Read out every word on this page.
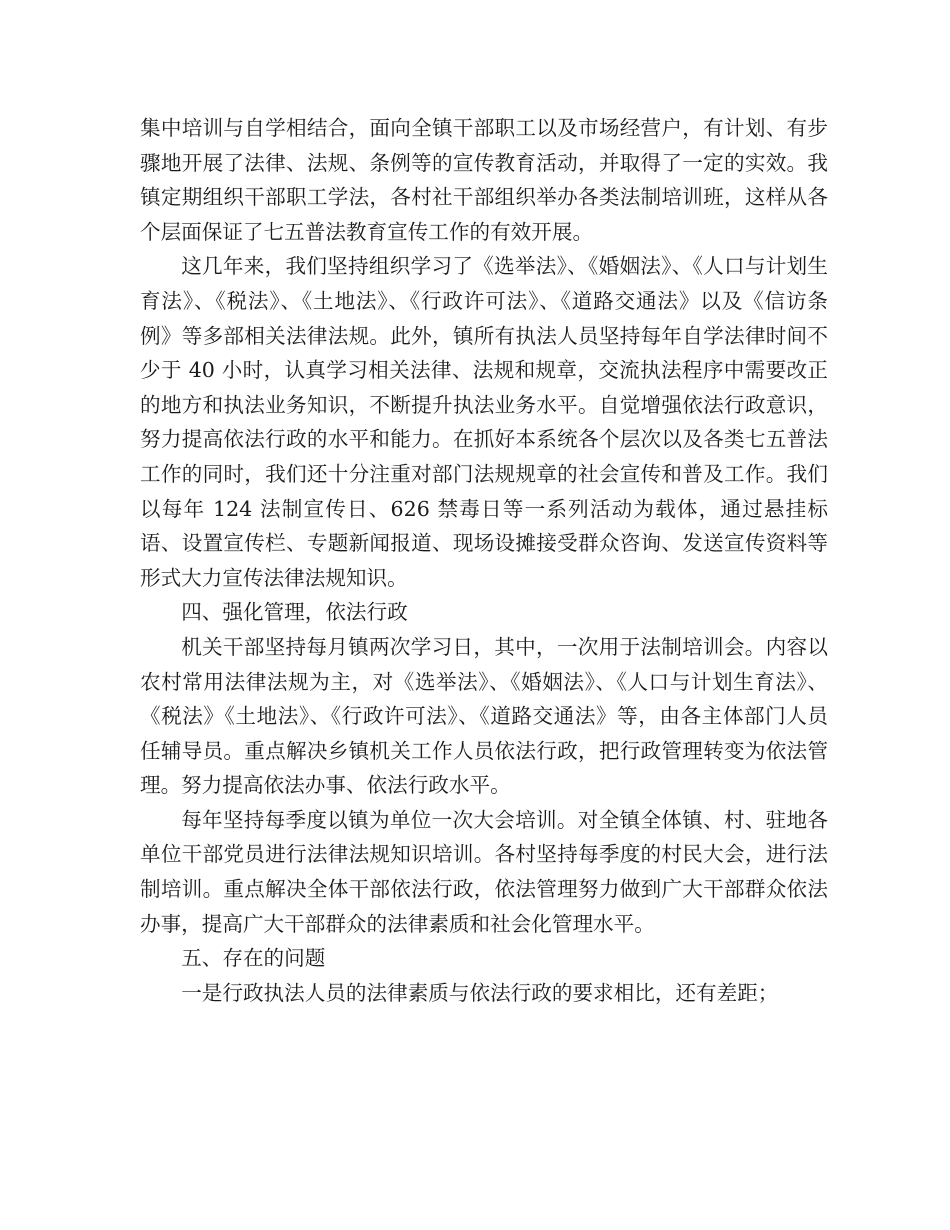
集中培训与自学相结合，面向全镇干部职工以及市场经营户，有计划、有步骤地开展了法律、法规、条例等的宣传教育活动，并取得了一定的实效。我镇定期组织干部职工学法，各村社干部组织举办各类法制培训班，这样从各个层面保证了七五普法教育宣传工作的有效开展。

这几年来，我们坚持组织学习了《选举法》、《婚姻法》、《人口与计划生育法》、《税法》、《土地法》、《行政许可法》、《道路交通法》以及《信访条例》等多部相关法律法规。此外，镇所有执法人员坚持每年自学法律时间不少于 40 小时，认真学习相关法律、法规和规章，交流执法程序中需要改正的地方和执法业务知识，不断提升执法业务水平。自觉增强依法行政意识，努力提高依法行政的水平和能力。在抓好本系统各个层次以及各类七五普法工作的同时，我们还十分注重对部门法规规章的社会宣传和普及工作。我们以每年 124 法制宣传日、626 禁毒日等一系列活动为载体，通过悬挂标语、设置宣传栏、专题新闻报道、现场设摊接受群众咨询、发送宣传资料等形式大力宣传法律法规知识。

四、强化管理，依法行政

机关干部坚持每月镇两次学习日，其中，一次用于法制培训会。内容以农村常用法律法规为主，对《选举法》、《婚姻法》、《人口与计划生育法》、《税法》《土地法》、《行政许可法》、《道路交通法》等，由各主体部门人员任辅导员。重点解决乡镇机关工作人员依法行政，把行政管理转变为依法管理。努力提高依法办事、依法行政水平。

每年坚持每季度以镇为单位一次大会培训。对全镇全体镇、村、驻地各单位干部党员进行法律法规知识培训。各村坚持每季度的村民大会，进行法制培训。重点解决全体干部依法行政，依法管理努力做到广大干部群众依法办事，提高广大干部群众的法律素质和社会化管理水平。

五、存在的问题

一是行政执法人员的法律素质与依法行政的要求相比，还有差距；
